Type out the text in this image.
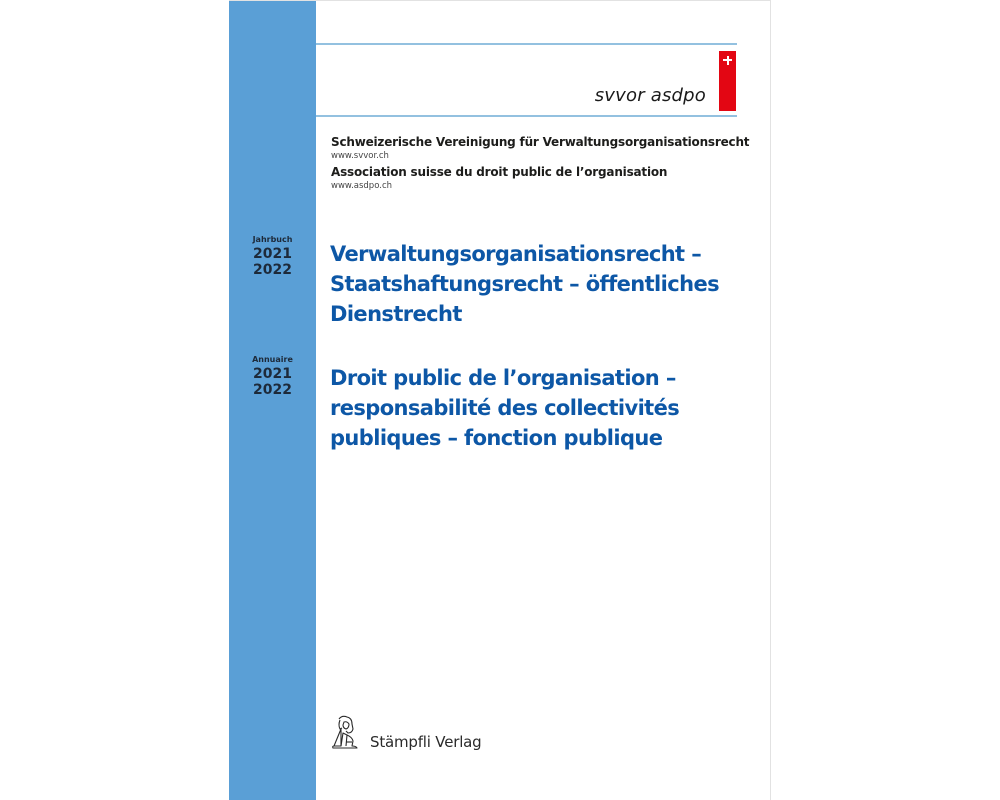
Jahrbuch
2021
2022
Annuaire
2021
2022
svvor asdpo
Schweizerische Vereinigung für Verwaltungsorganisationsrecht
www.svvor.ch
Association suisse du droit public de l’organisation
www.asdpo.ch
Verwaltungsorganisationsrecht –
Staatshaftungsrecht – öffentliches
Dienstrecht
Droit public de l’organisation –
responsabilité des collectivités
publiques – fonction publique
Stämpfli Verlag
